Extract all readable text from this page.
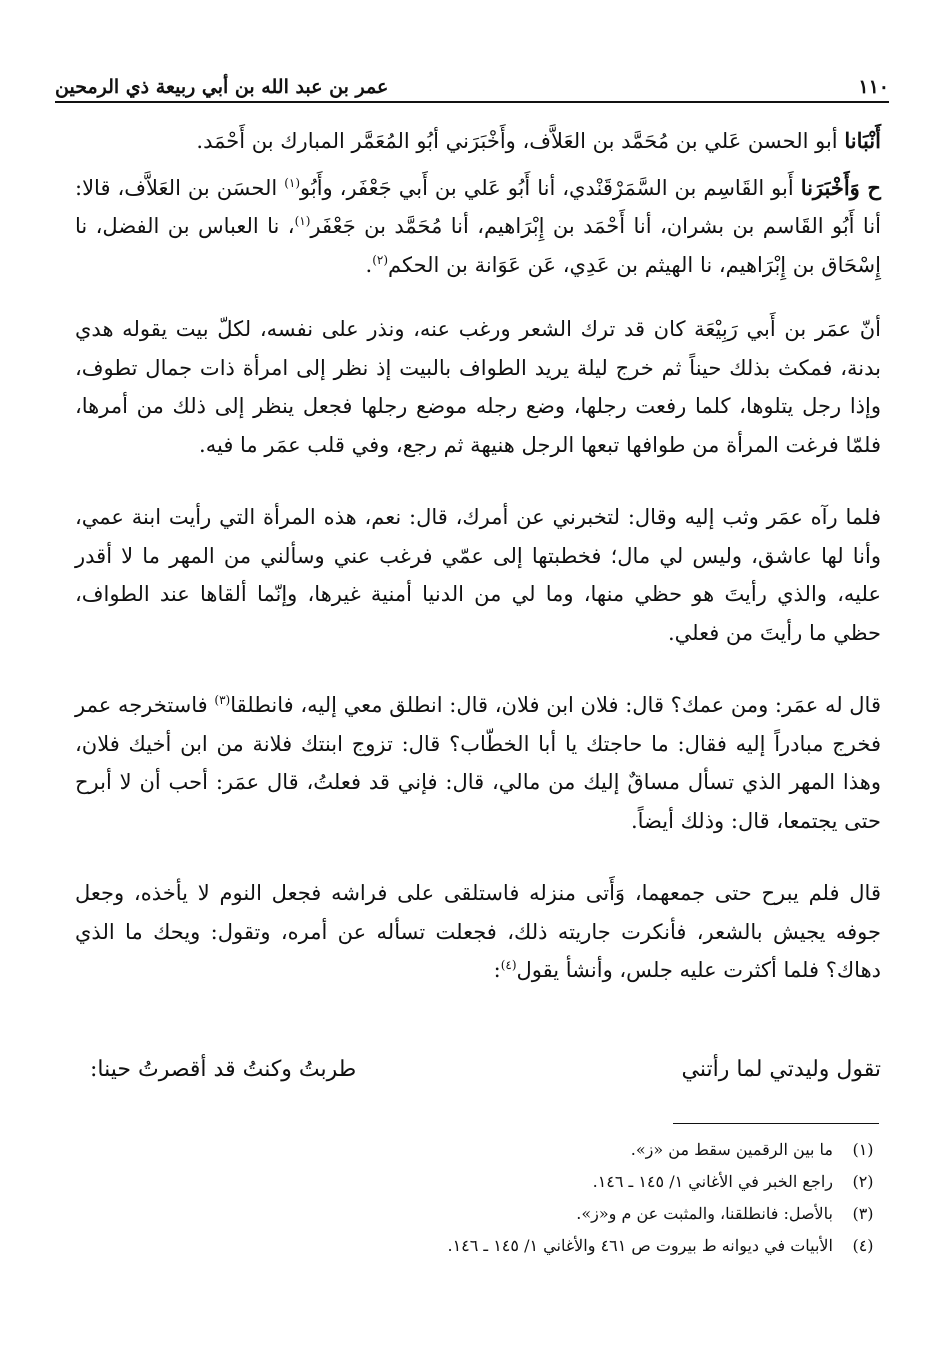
١١٠
عمر بن عبد الله بن أبي ربيعة ذي الرمحين

أَنْبَانا أبو الحسن عَلي بن مُحَمَّد بن العَلاَّف، وأَخْبَرَني أبُو المُعَمَّر المبارك بن أَحْمَد.

ح وَأَخْبَرَنا أَبو القَاسِم بن السَّمَرْقَنْدي، أنا أَبُو عَلي بن أَبي جَعْفَر، وأَبُو$^{(١)}$ الحسَن بن العَلاَّف، قالا: أنا أَبُو القَاسم بن بشران، أنا أَحْمَد بن إِبْرَاهيم، أنا مُحَمَّد بن جَعْفَر$^{(١)}$، نا العباس بن الفضل، نا إِسْحَاق بن إِبْرَاهيم، نا الهيثم بن عَدِي، عَن عَوَانة بن الحكم$^{(٢)}$.

أنّ عمَر بن أَبي رَبِيْعَة كان قد ترك الشعر ورغب عنه، ونذر على نفسه، لكلّ بيت يقوله هدي بدنة، فمكث بذلك حيناً ثم خرج ليلة يريد الطواف بالبيت إذ نظر إلى امرأة ذات جمال تطوف، وإذا رجل يتلوها، كلما رفعت رجلها، وضع رجله موضع رجلها فجعل ينظر إلى ذلك من أمرها، فلمّا فرغت المرأة من طوافها تبعها الرجل هنيهة ثم رجع، وفي قلب عمَر ما فيه.

فلما رآه عمَر وثب إليه وقال: لتخبرني عن أمرك، قال: نعم، هذه المرأة التي رأيت ابنة عمي، وأنا لها عاشق، وليس لي مال؛ فخطبتها إلى عمّي فرغب عني وسألني من المهر ما لا أقدر عليه، والذي رأيتَ هو حظي منها، وما لي من الدنيا أمنية غيرها، وإنّما ألقاها عند الطواف، حظي ما رأيتَ من فعلي.

قال له عمَر: ومن عمك؟ قال: فلان ابن فلان، قال: انطلق معي إليه، فانطلقا$^{(٣)}$ فاستخرجه عمر فخرج مبادراً إليه فقال: ما حاجتك يا أبا الخطّاب؟ قال: تزوج ابنتك فلانة من ابن أخيك فلان، وهذا المهر الذي تسأل مساقٌ إليك من مالي، قال: فإني قد فعلتُ، قال عمَر: أحب أن لا أبرح حتى يجتمعا، قال: وذلك أيضاً.

قال فلم يبرح حتى جمعهما، وَأَتى منزله فاستلقى على فراشه فجعل النوم لا يأخذه، وجعل جوفه يجيش بالشعر، فأنكرت جاريته ذلك، فجعلت تسأله عن أمره، وتقول: ويحك ما الذي دهاك؟ فلما أكثرت عليه جلس، وأنشأ يقول$^{(٤)}$:

تقول وليدتي لما رأتني
طربتُ وكنتُ قد أقصرتُ حينا:
(١)
ما بين الرقمين سقط من «ز».
(٢)
راجع الخبر في الأغاني ١/ ١٤٥ ـ ١٤٦.
(٣)
بالأصل: فانطلقنا، والمثبت عن م و«ز».
(٤)
الأبيات في ديوانه ط بيروت ص ٤٦١ والأغاني ١/ ١٤٥ ـ ١٤٦.
